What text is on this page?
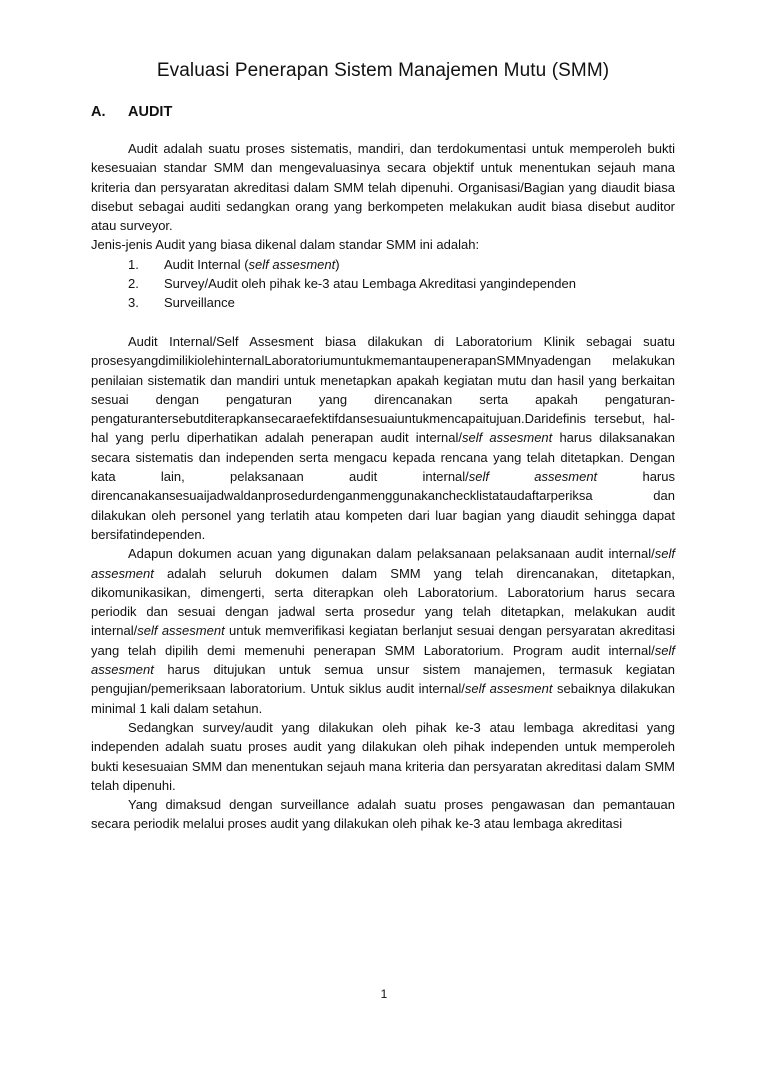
Evaluasi Penerapan Sistem Manajemen Mutu (SMM)
A.	AUDIT

Audit adalah suatu proses sistematis, mandiri, dan terdokumentasi untuk memperoleh bukti kesesuaian standar SMM dan mengevaluasinya secara objektif untuk menentukan sejauh mana kriteria dan persyaratan akreditasi dalam SMM telah dipenuhi. Organisasi/Bagian yang diaudit biasa disebut sebagai auditi sedangkan orang yang berkompeten melakukan audit biasa disebut auditor atau surveyor.

Jenis-jenis Audit yang biasa dikenal dalam standar SMM ini adalah:

1.	Audit Internal (self assesment)
2.	Survey/Audit oleh pihak ke-3 atau Lembaga Akreditasi yangindependen
3.	Surveillance

Audit Internal/Self Assesment biasa dilakukan di Laboratorium Klinik sebagai suatu prosesyangdimilikiolehinternalLaboratoriumuntukmemantaupenerapanSMMnyadengan melakukan penilaian sistematik dan mandiri untuk menetapkan apakah kegiatan mutu dan hasil yang berkaitan sesuai dengan pengaturan yang direncanakan serta apakah pengaturan-pengaturantersebutditerapkansecaraefektifdansesuaiuntukmencapaitujuan.Daridefinis tersebut, hal-hal yang perlu diperhatikan adalah penerapan audit internal/self assesment harus dilaksanakan secara sistematis dan independen serta mengacu kepada rencana yang telah ditetapkan. Dengan kata lain, pelaksanaan audit internal/self assesment harus direncanakansesuaijadwaldanprosedurdenganmenggunakanchecklistataudaftarperiksa dan dilakukan oleh personel yang terlatih atau kompeten dari luar bagian yang diaudit sehingga dapat bersifatindependen.

Adapun dokumen acuan yang digunakan dalam pelaksanaan pelaksanaan audit internal/self assesment adalah seluruh dokumen dalam SMM yang telah direncanakan, ditetapkan, dikomunikasikan, dimengerti, serta diterapkan oleh Laboratorium. Laboratorium harus secara periodik dan sesuai dengan jadwal serta prosedur yang telah ditetapkan, melakukan audit internal/self assesment untuk memverifikasi kegiatan berlanjut sesuai dengan persyaratan akreditasi yang telah dipilih demi memenuhi penerapan SMM Laboratorium. Program audit internal/self assesment harus ditujukan untuk semua unsur sistem manajemen, termasuk kegiatan pengujian/pemeriksaan laboratorium. Untuk siklus audit internal/self assesment sebaiknya dilakukan minimal 1 kali dalam setahun.

Sedangkan survey/audit yang dilakukan oleh pihak ke-3 atau lembaga akreditasi yang independen adalah suatu proses audit yang dilakukan oleh pihak independen untuk memperoleh bukti kesesuaian SMM dan menentukan sejauh mana kriteria dan persyaratan akreditasi dalam SMM telah dipenuhi.

Yang dimaksud dengan surveillance adalah suatu proses pengawasan dan pemantauan secara periodik melalui proses audit yang dilakukan oleh pihak ke-3 atau lembaga akreditasi

1
